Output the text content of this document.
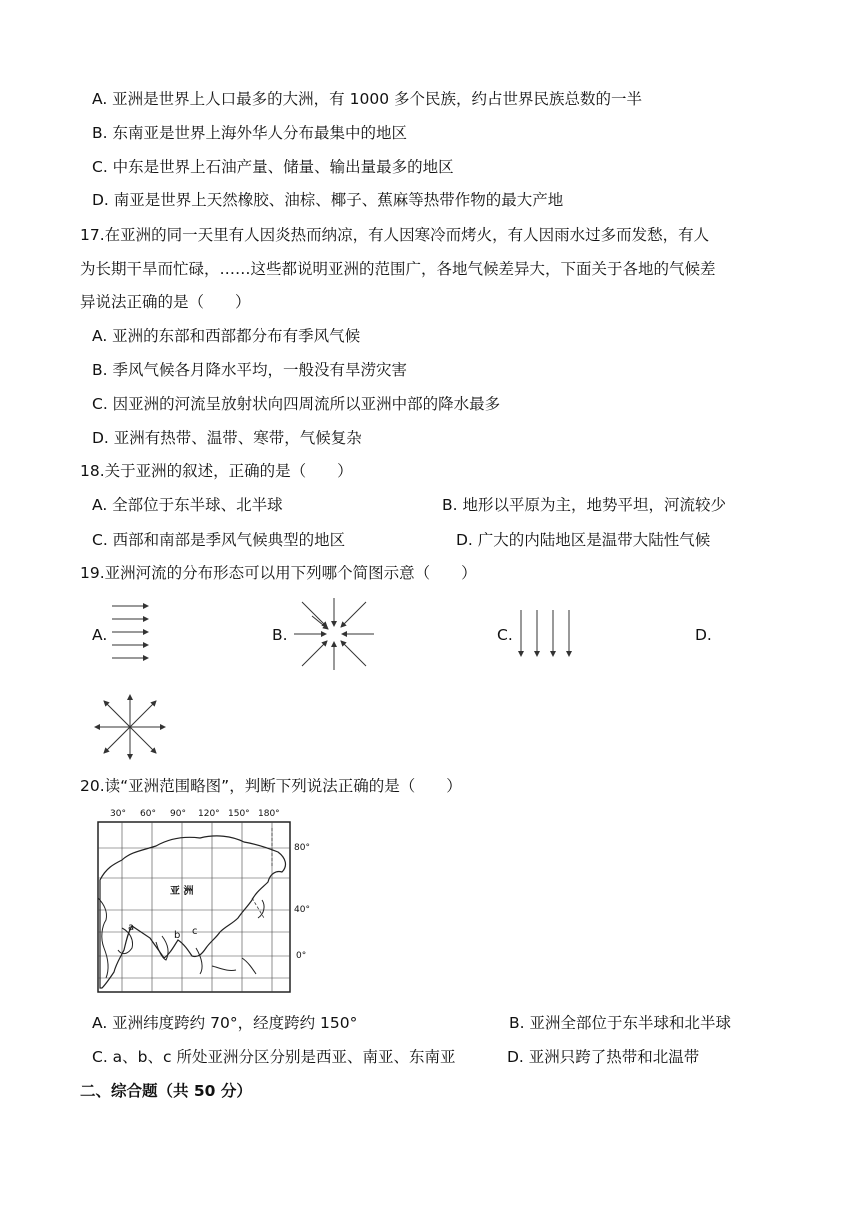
A. 亚洲是世界上人口最多的大洲，有 1000 多个民族，约占世界民族总数的一半
B. 东南亚是世界上海外华人分布最集中的地区
C. 中东是世界上石油产量、储量、输出量最多的地区
D. 南亚是世界上天然橡胶、油棕、椰子、蕉麻等热带作物的最大产地
17.在亚洲的同一天里有人因炎热而纳凉，有人因寒冷而烤火，有人因雨水过多而发愁，有人
为长期干旱而忙碌，……这些都说明亚洲的范围广，各地气候差异大，下面关于各地的气候差
异说法正确的是（　　）
A. 亚洲的东部和西部都分布有季风气候
B. 季风气候各月降水平均，一般没有旱涝灾害
C. 因亚洲的河流呈放射状向四周流所以亚洲中部的降水最多
D. 亚洲有热带、温带、寒带，气候复杂
18.关于亚洲的叙述，正确的是（　　）
A. 全部位于东半球、北半球	B. 地形以平原为主，地势平坦，河流较少
C. 西部和南部是季风气候典型的地区	D. 广大的内陆地区是温带大陆性气候
19.亚洲河流的分布形态可以用下列哪个简图示意（　　）
A.	B.	C.	D.
20.读“亚洲范围略图”，判断下列说法正确的是（　　）
30° 60° 90° 120° 150° 180°
80°
40°
0°
亚 洲
a
b c
A. 亚洲纬度跨约 70°，经度跨约 150°	B. 亚洲全部位于东半球和北半球
C. a、b、c 所处亚洲分区分别是西亚、南亚、东南亚	D. 亚洲只跨了热带和北温带
二、综合题（共 50 分）
